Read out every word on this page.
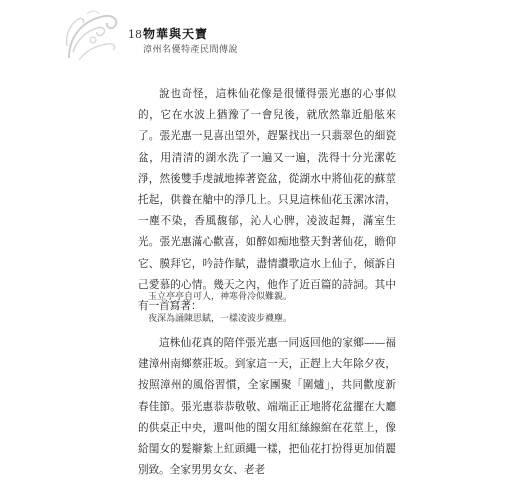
18 物華與天寶
漳州名優特產民間傳說

說也奇怪，這株仙花像是很懂得張光惠的心事似的，它在水波上猶豫了一會兒後，就欣然靠近船舷來了。張光惠一見喜出望外，趕緊找出一只翡翠色的細瓷盆，用清清的湖水洗了一遍又一遍，洗得十分光潔乾淨，然後雙手虔誠地捧著瓷盆，從湖水中將仙花的蘇莖托起，供養在艙中的淨几上。只見這株仙花玉潔冰清，一塵不染，香風馥郁，沁人心脾，凌波起舞，滿室生光。張光惠滿心歡喜，如醉如痴地整天對著仙花，瞻仰它、膜拜它，吟詩作賦，盡情讚歌這水上仙子，傾訴自己愛慕的心情。幾天之內，他作了近百篇的詩詞。其中有一首寫著：

玉立亭亭自可人，神寒骨冷似難親。
夜深為誦陳思賦，一樣凌波步襪塵。

這株仙花真的陪伴張光惠一同返回他的家鄉——福建漳州南鄉蔡莊坂。到家這一天，正趕上大年除夕夜，按照漳州的風俗習慣，全家團聚「圍爐」，共同歡度新春佳節。張光惠恭恭敬敬、端端正正地將花盆擺在大廳的供桌正中央，還叫他的閨女用紅絲線綰在花莖上，像給閨女的髮辮紮上紅頭繩一樣，把仙花打扮得更加俏麗別致。全家男男女女、老老
